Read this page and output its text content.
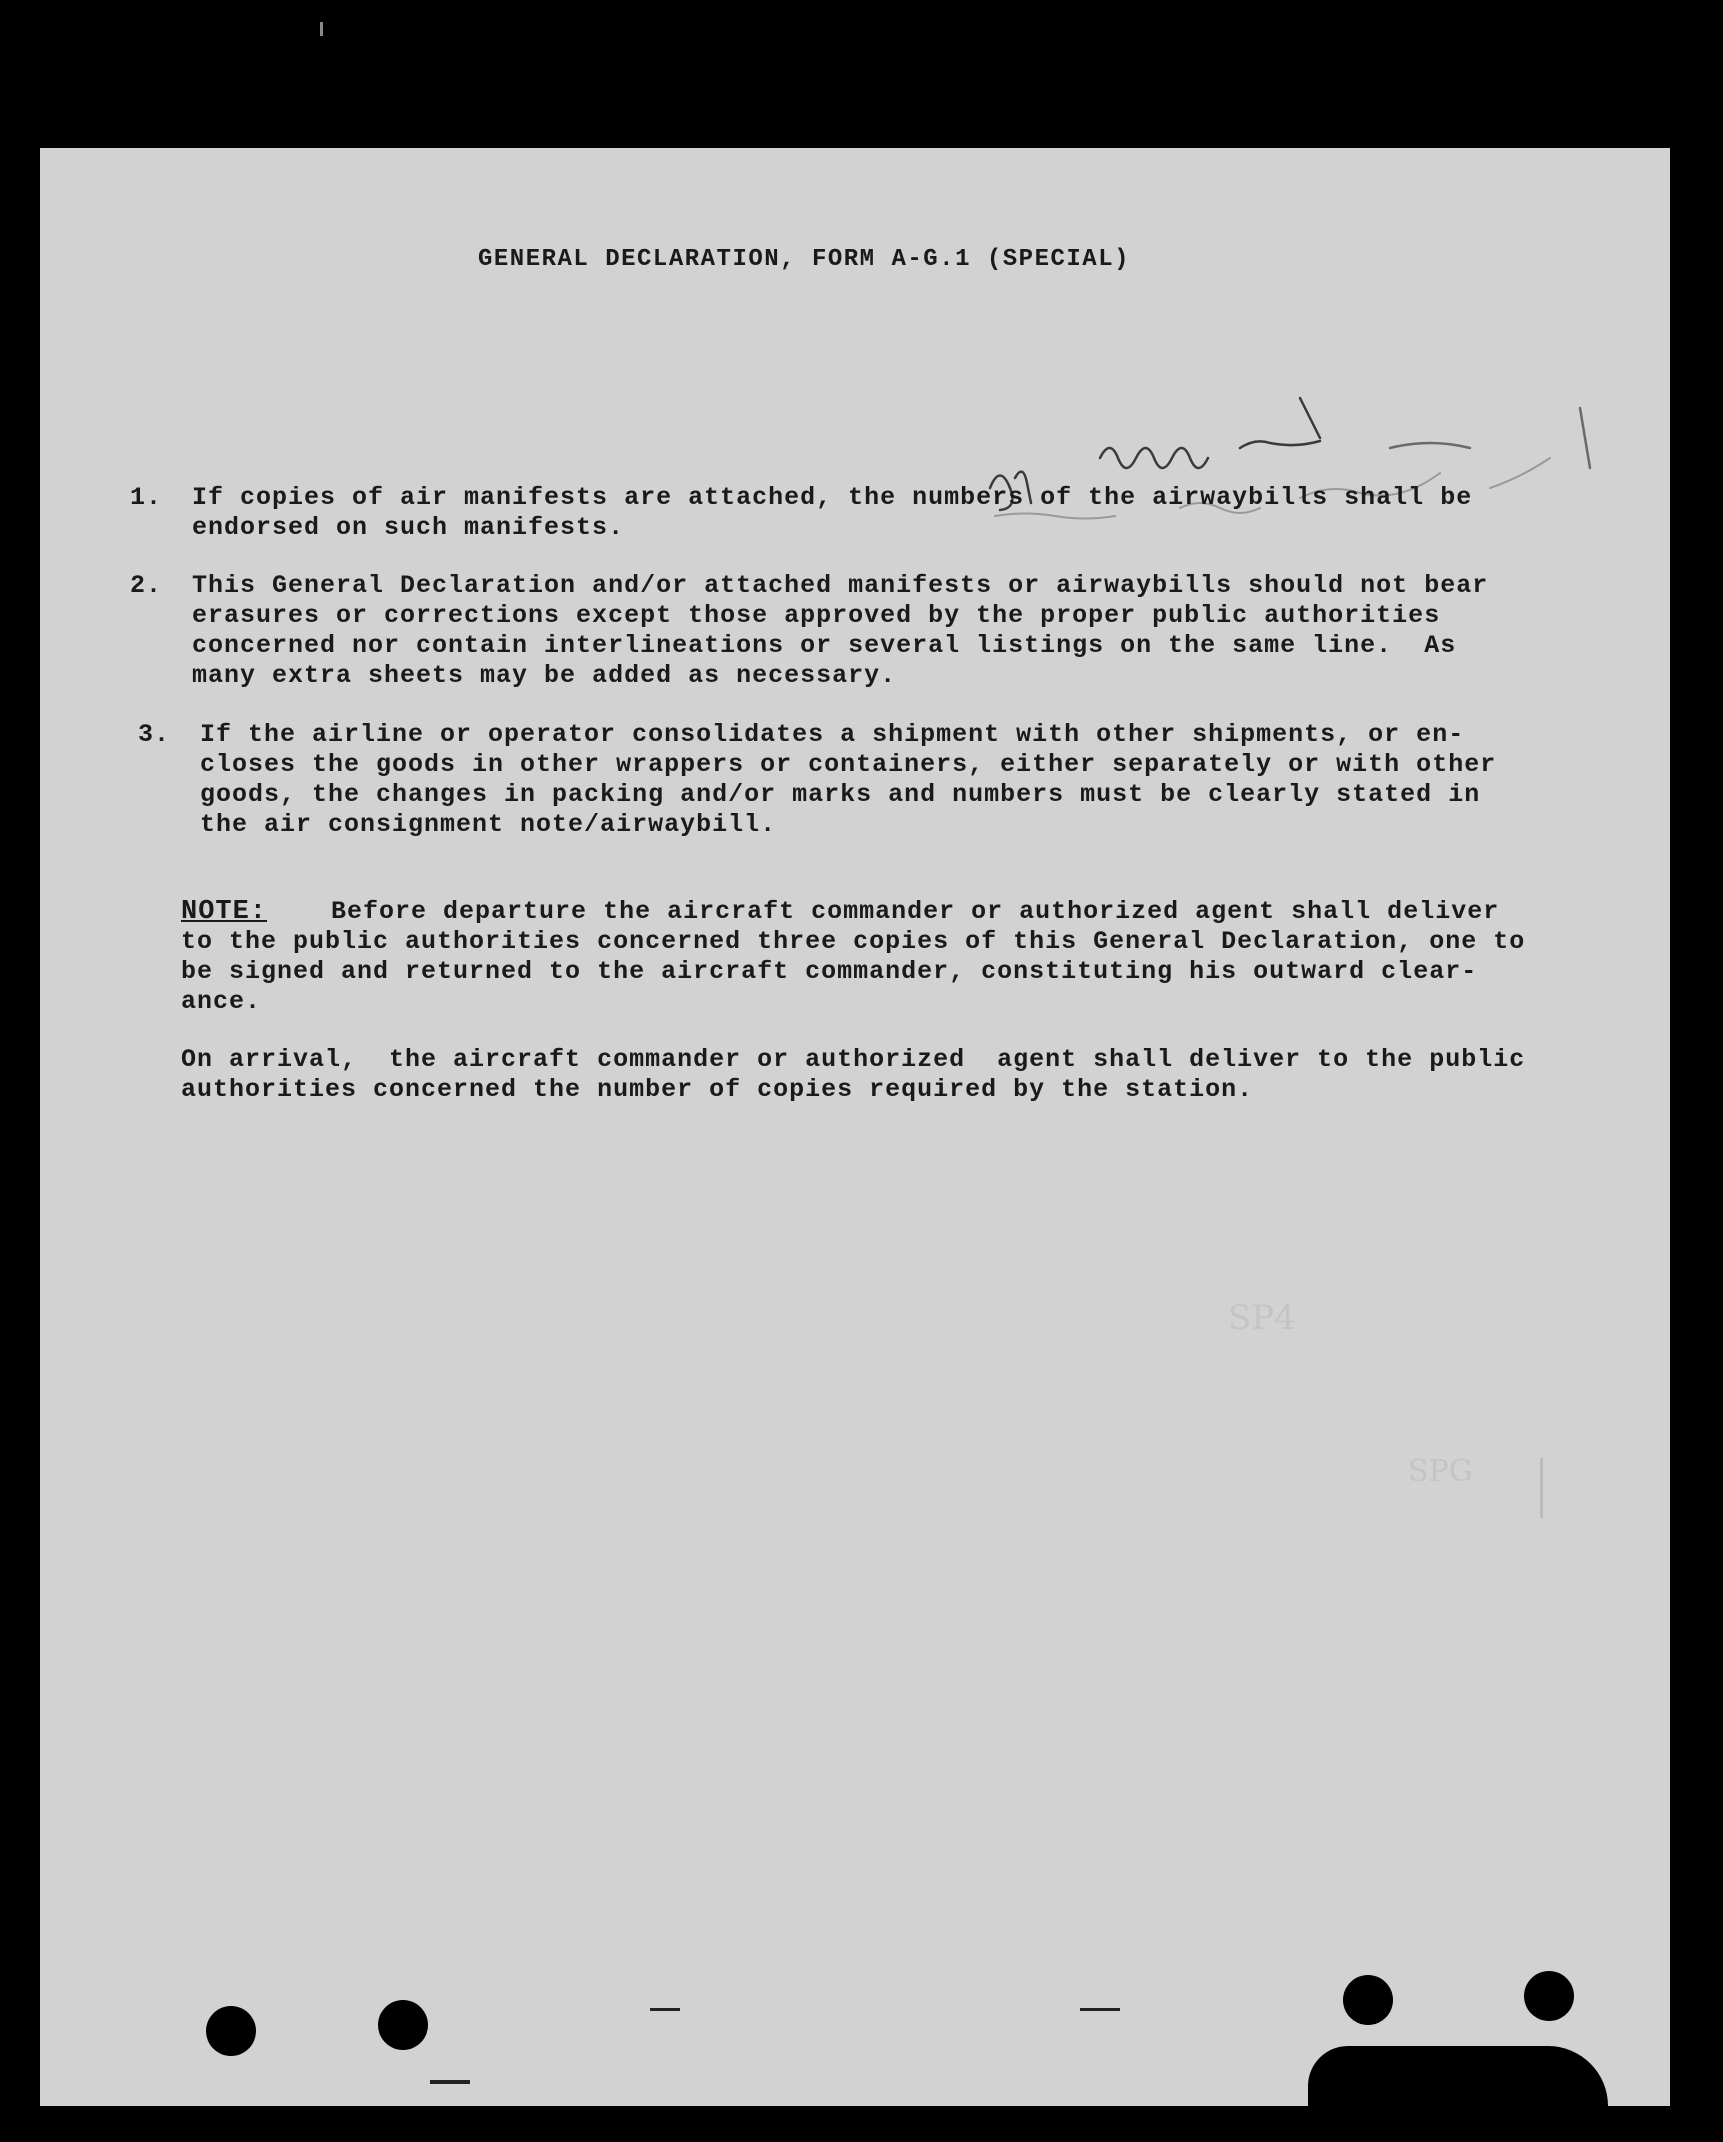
SP4
SPG
GENERAL DECLARATION, FORM A-G.1 (SPECIAL)
1. If copies of air manifests are attached, the numbers of the airwaybills shall be
endorsed on such manifests.
2. This General Declaration and/or attached manifests or airwaybills should not bear
erasures or corrections except those approved by the proper public authorities
concerned nor contain interlineations or several listings on the same line.  As
many extra sheets may be added as necessary.
3. If the airline or operator consolidates a shipment with other shipments, or en-
closes the goods in other wrappers or containers, either separately or with other
goods, the changes in packing and/or marks and numbers must be clearly stated in
the air consignment note/airwaybill.
NOTE:    Before departure the aircraft commander or authorized agent shall deliver
to the public authorities concerned three copies of this General Declaration, one to
be signed and returned to the aircraft commander, constituting his outward clear-
ance.
On arrival,  the aircraft commander or authorized  agent shall deliver to the public
authorities concerned the number of copies required by the station.
